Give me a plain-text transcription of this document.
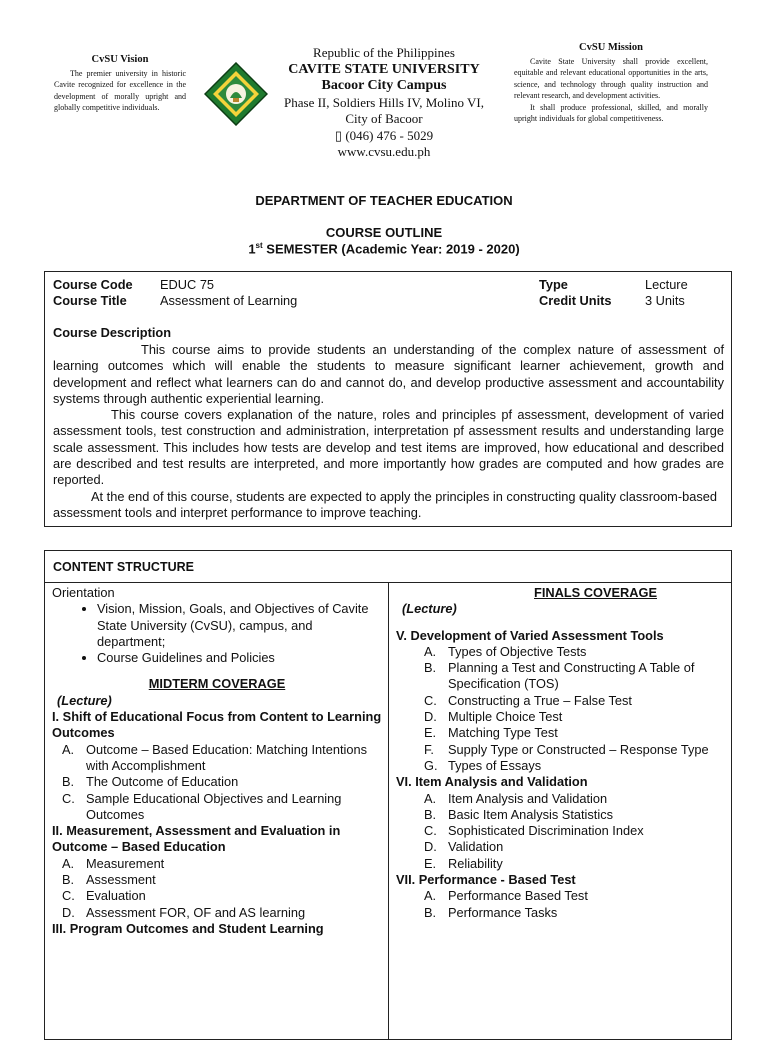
CvSU Vision

The premier university in historic Cavite recognized for excellence in the development of morally upright and globally competitive individuals.

Republic of the Philippines
CAVITE STATE UNIVERSITY
Bacoor City Campus
Phase II, Soldiers Hills IV, Molino VI,
City of Bacoor
▯ (046) 476 - 5029
www.cvsu.edu.ph
CvSU Mission

Cavite State University shall provide excellent, equitable and relevant educational opportunities in the arts, science, and technology through quality instruction and relevant research, and development activities.

It shall produce professional, skilled, and morally upright individuals for global competitiveness.

DEPARTMENT OF TEACHER EDUCATION
COURSE OUTLINE
1st SEMESTER (Academic Year: 2019 - 2020)
Course Code EDUC 75
Course Title	Assessment of Learning
Type	Lecture
Credit Units	3 Units
Course Description

This course aims to provide students an understanding of the complex nature of assessment of learning outcomes which will enable the students to measure significant learner achievement, growth and development and reflect what learners can do and cannot do, and develop productive assessment and accountability systems through authentic experiential learning.

This course covers explanation of the nature, roles and principles pf assessment, development of varied assessment tools, test construction and administration, interpretation pf assessment results and understanding large scale assessment. This includes how tests are develop and test items are improved, how educational and described are described and test results are interpreted, and more importantly how grades are computed and how grades are reported.

At the end of this course, students are expected to apply the principles in constructing quality classroom-based assessment tools and interpret performance to improve teaching.

CONTENT STRUCTURE
Orientation
• Vision, Mission, Goals, and Objectives of Cavite State University (CvSU), campus, and department;
• Course Guidelines and Policies
MIDTERM COVERAGE
(Lecture)
I. Shift of Educational Focus from Content to Learning Outcomes
A. Outcome – Based Education: Matching Intentions with Accomplishment
B. The Outcome of Education
C. Sample Educational Objectives and Learning Outcomes
II. Measurement, Assessment and Evaluation in Outcome – Based Education
A. Measurement
B. Assessment
C. Evaluation
D. Assessment FOR, OF and AS learning
III. Program Outcomes and Student Learning
FINALS COVERAGE
(Lecture)
V. Development of Varied Assessment Tools
A. Types of Objective Tests
B. Planning a Test and Constructing A Table of Specification (TOS)
C. Constructing a True – False Test
D. Multiple Choice Test
E. Matching Type Test
F.	Supply Type or Constructed – Response Type
G. Types of Essays
VI. Item Analysis and Validation
A. Item Analysis and Validation
B. Basic Item Analysis Statistics
C. Sophisticated Discrimination Index
D. Validation
E. Reliability
VII. Performance - Based Test
A. Performance Based Test
B. Performance Tasks
